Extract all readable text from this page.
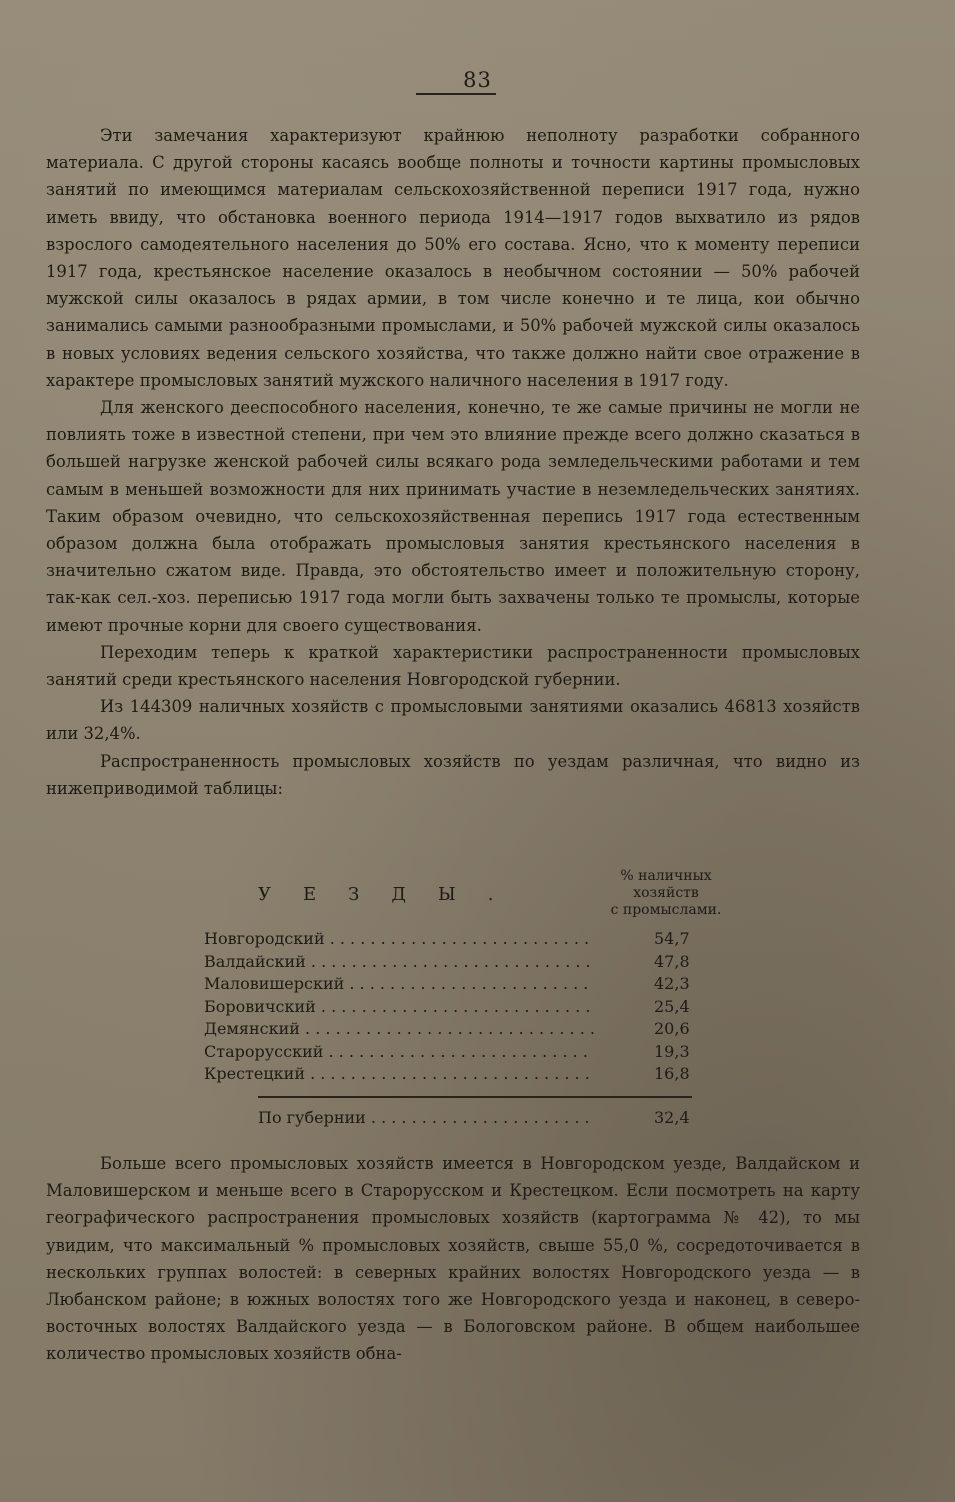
83

Эти замечания характеризуют крайнюю неполноту разработки собранного материала. С другой стороны касаясь вообще полноты и точности картины промысловых занятий по имеющимся материалам сельскохозяйственной переписи 1917 года, нужно иметь ввиду, что обстановка военного периода 1914—1917 годов выхватило из рядов взрослого самодеятельного населения до 50% его состава. Ясно, что к моменту переписи 1917 года, крестьянское население оказалось в необычном состоянии — 50% рабочей мужской силы оказалось в рядах армии, в том числе конечно и те лица, кои обычно занимались самыми разнообразными промыслами, и 50% рабочей мужской силы оказалось в новых условиях ведения сельского хозяйства, что также должно найти свое отражение в характере промысловых занятий мужского наличного населения в 1917 году.

Для женского дееспособного населения, конечно, те же самые причины не могли не повлиять тоже в известной степени, при чем это влияние прежде всего должно сказаться в большей нагрузке женской рабочей силы всякаго рода земледельческими работами и тем самым в меньшей возможности для них принимать участие в неземледельческих занятиях. Таким образом очевидно, что сельскохозяйственная перепись 1917 года естественным образом должна была отображать промысловыя занятия крестьянского населения в значительно сжатом виде. Правда, это обстоятельство имеет и положительную сторону, так-как сел.-хоз. переписью 1917 года могли быть захвачены только те промыслы, которые имеют прочные корни для своего существования.

Переходим теперь к краткой характеристики распространенности промысловых занятий среди крестьянского населения Новгородской губернии.

Из 144309 наличных хозяйств с промысловыми занятиями оказались 46813 хозяйств или 32,4%.

Распространенность промысловых хозяйств по уездам различная, что видно из нижеприводимой таблицы:

УЕЗДЫ.
% наличных
хозяйств
с промыслами.
Новгородский . . .	54,7
Валдайский . . .	47,8
Маловишерский . . .	42,3
Боровичский . . .	25,4
Демянский . . .	20,6
Старорусский . . .	19,3
Крестецкий . . .	16,8
По губернии . . .	32,4

Больше всего промысловых хозяйств имеется в Новгородском уезде, Валдайском и Маловишерском и меньше всего в Старорусском и Крестецком. Если посмотреть на карту географического распространения промысловых хозяйств (картограмма № 42), то мы увидим, что максимальный % промысловых хозяйств, свыше 55,0 %, сосредоточивается в нескольких группах волостей: в северных крайних волостях Новгородского уезда — в Любанском районе; в южных волостях того же Новгородского уезда и наконец, в северо-восточных волостях Валдайского уезда — в Бологовском районе. В общем наибольшее количество промысловых хозяйств обна-
